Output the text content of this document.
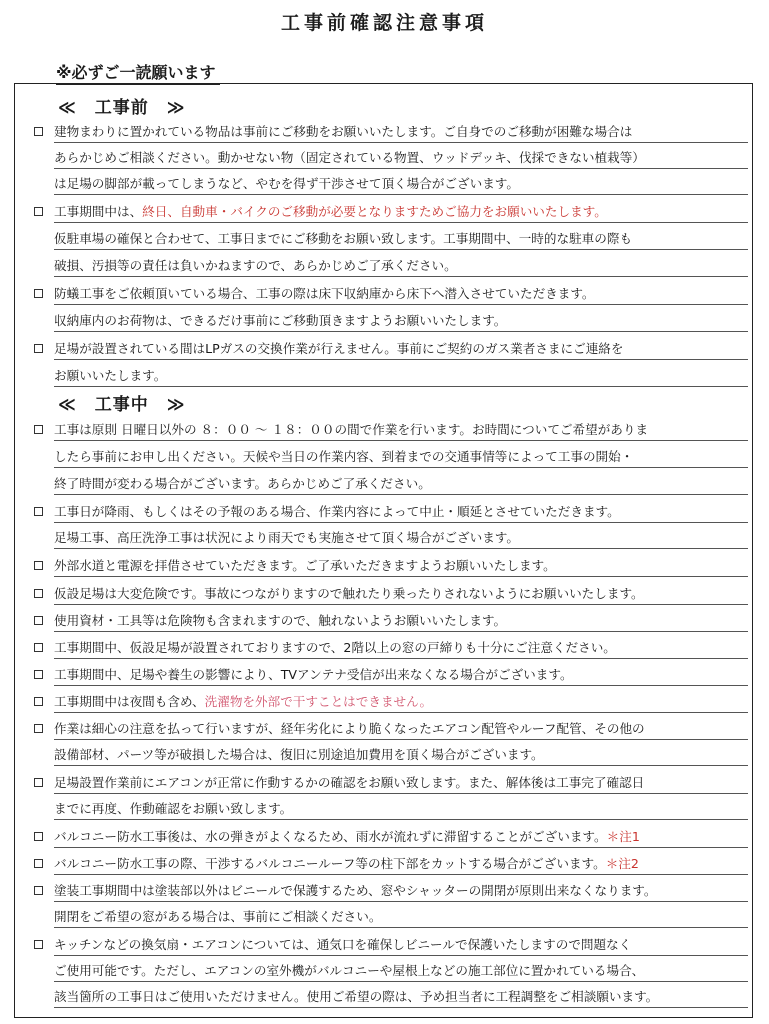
工事前確認注意事項
※必ずご一読願います
≪　工事前　≫
建物まわりに置かれている物品は事前にご移動をお願いいたします。ご自身でのご移動が困難な場合は
あらかじめご相談ください。動かせない物（固定されている物置、ウッドデッキ、伐採できない植栽等）
は足場の脚部が載ってしまうなど、やむを得ず干渉させて頂く場合がございます。
工事期間中は、終日、自動車・バイクのご移動が必要となりますためご協力をお願いいたします。
仮駐車場の確保と合わせて、工事日までにご移動をお願い致します。工事期間中、一時的な駐車の際も
破損、汚損等の責任は負いかねますので、あらかじめご了承ください。
防蟻工事をご依頼頂いている場合、工事の際は床下収納庫から床下へ潜入させていただきます。
収納庫内のお荷物は、できるだけ事前にご移動頂きますようお願いいたします。
足場が設置されている間はLPガスの交換作業が行えません。事前にご契約のガス業者さまにご連絡を
お願いいたします。
≪　工事中　≫
工事は原則 日曜日以外の ８：００ ～ １８：００の間で作業を行います。お時間についてご希望がありま
したら事前にお申し出ください。天候や当日の作業内容、到着までの交通事情等によって工事の開始・
終了時間が変わる場合がございます。あらかじめご了承ください。
工事日が降雨、もしくはその予報のある場合、作業内容によって中止・順延とさせていただきます。
足場工事、高圧洗浄工事は状況により雨天でも実施させて頂く場合がございます。
外部水道と電源を拝借させていただきます。ご了承いただきますようお願いいたします。
仮設足場は大変危険です。事故につながりますので触れたり乗ったりされないようにお願いいたします。
使用資材・工具等は危険物も含まれますので、触れないようお願いいたします。
工事期間中、仮設足場が設置されておりますので、2階以上の窓の戸締りも十分にご注意ください。
工事期間中、足場や養生の影響により、TVアンテナ受信が出来なくなる場合がございます。
工事期間中は夜間も含め、洗濯物を外部で干すことはできません。
作業は細心の注意を払って行いますが、経年劣化により脆くなったエアコン配管やルーフ配管、その他の
設備部材、パーツ等が破損した場合は、復旧に別途追加費用を頂く場合がございます。
足場設置作業前にエアコンが正常に作動するかの確認をお願い致します。また、解体後は工事完了確認日
までに再度、作動確認をお願い致します。
バルコニー防水工事後は、水の弾きがよくなるため、雨水が流れずに滞留することがございます。＊注1
バルコニー防水工事の際、干渉するバルコニールーフ等の柱下部をカットする場合がございます。＊注2
塗装工事期間中は塗装部以外はビニールで保護するため、窓やシャッターの開閉が原則出来なくなります。
開閉をご希望の窓がある場合は、事前にご相談ください。
キッチンなどの換気扇・エアコンについては、通気口を確保しビニールで保護いたしますので問題なく
ご使用可能です。ただし、エアコンの室外機がバルコニーや屋根上などの施工部位に置かれている場合、
該当箇所の工事日はご使用いただけません。使用ご希望の際は、予め担当者に工程調整をご相談願います。
